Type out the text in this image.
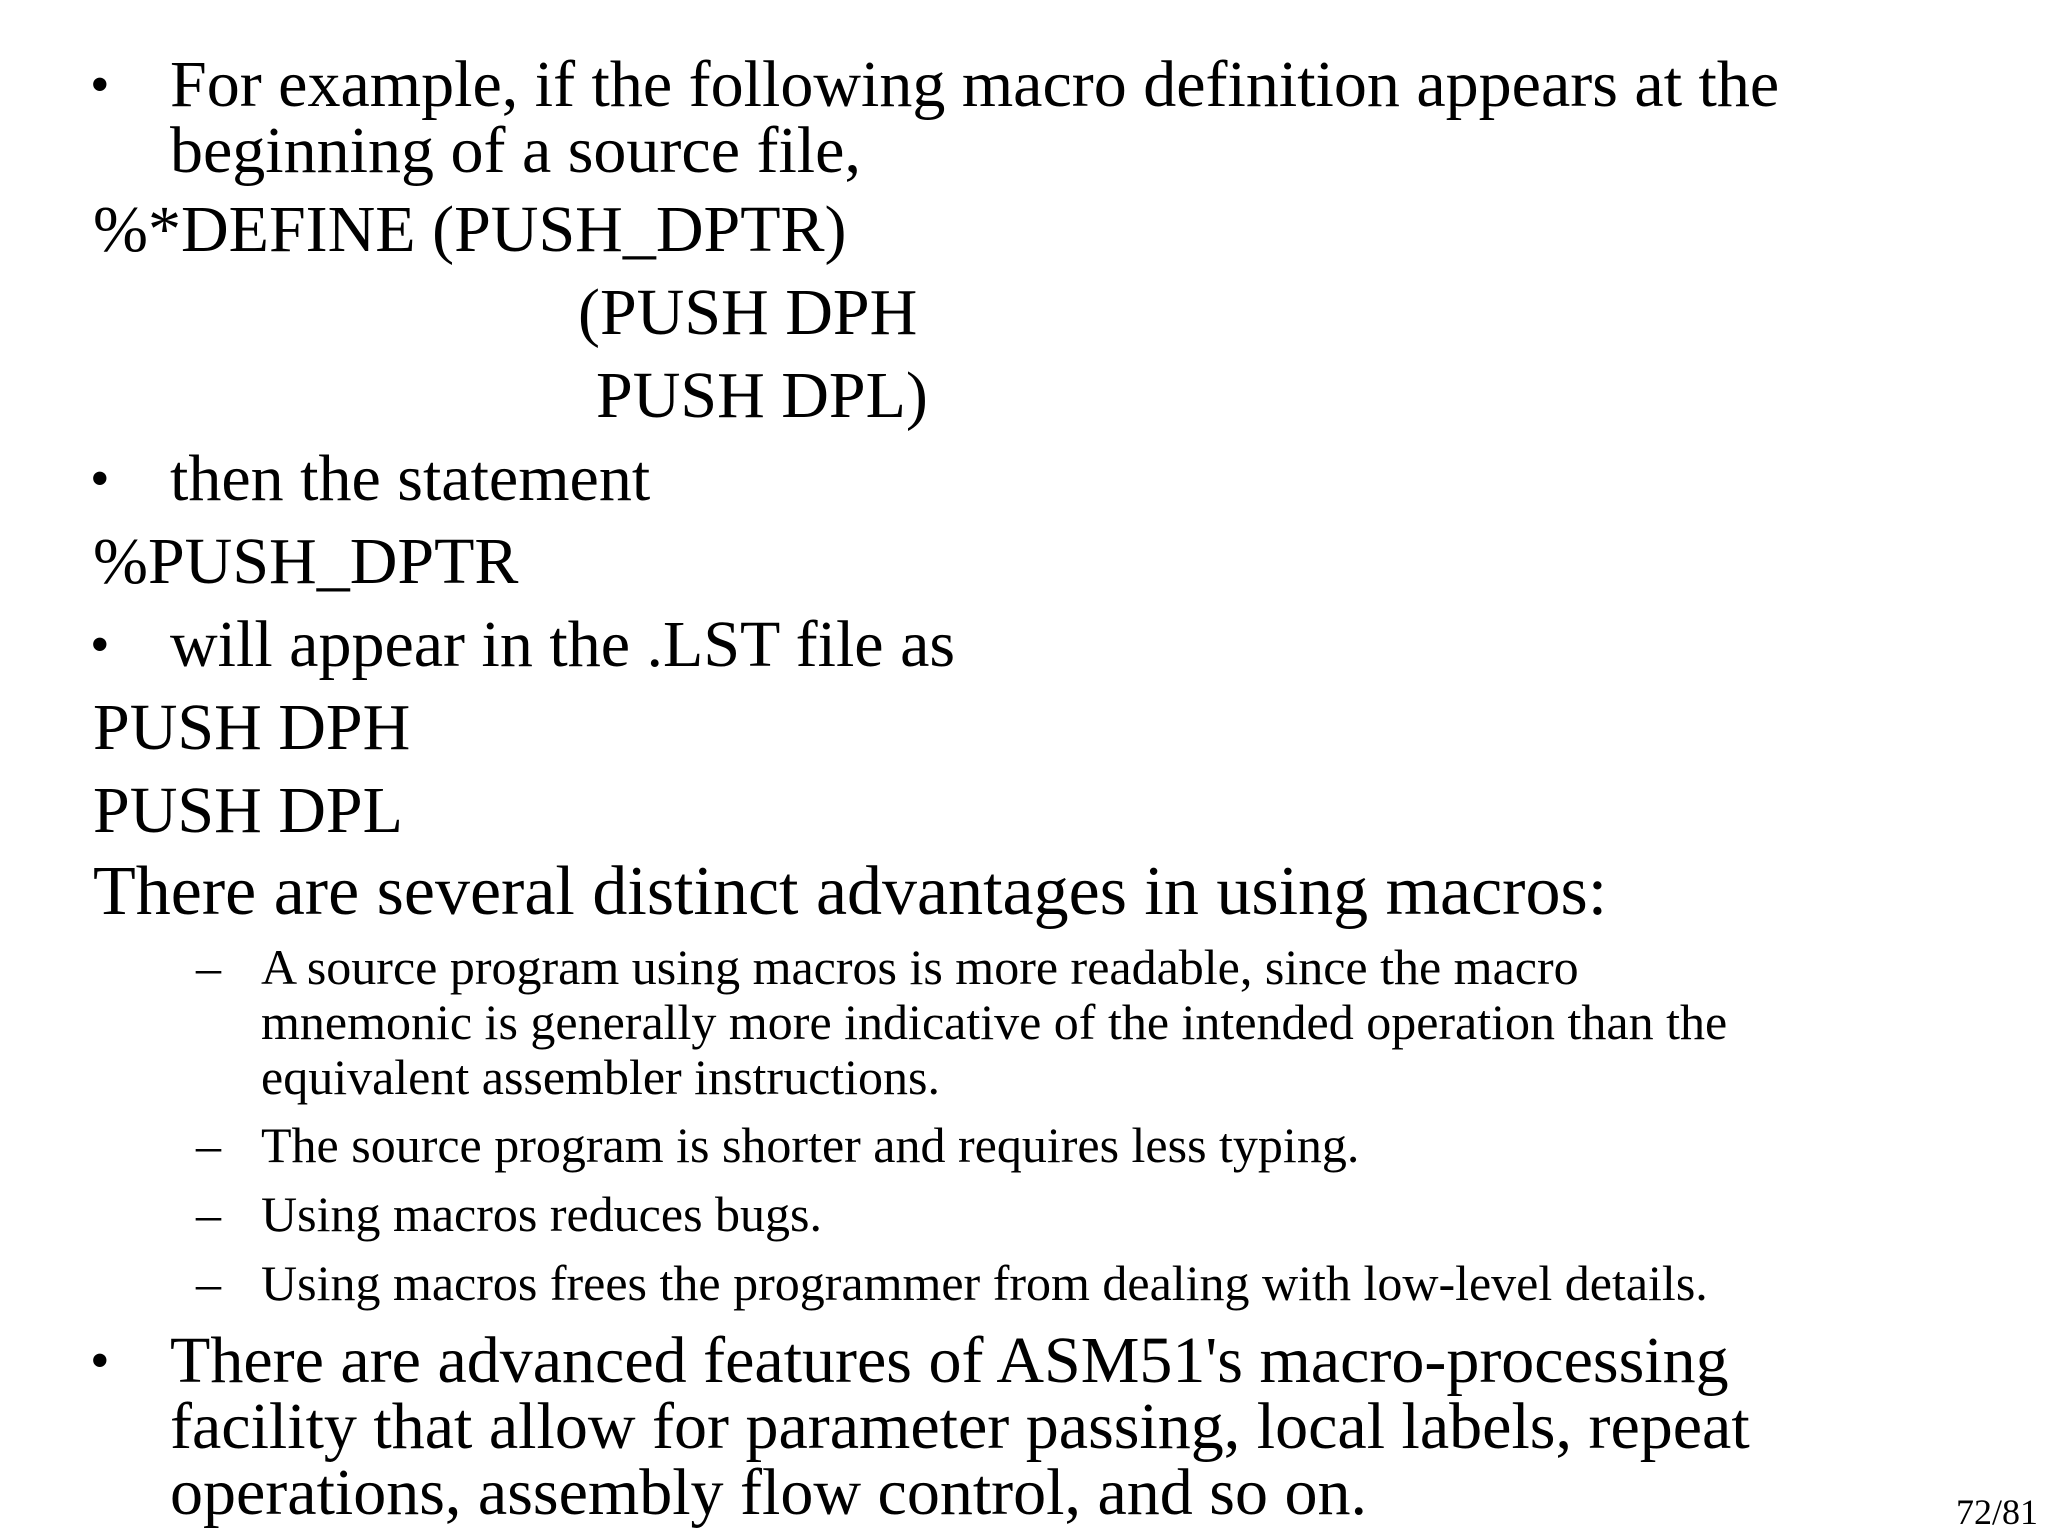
• For example, if the following macro definition appears at the
beginning of a source file,
%*DEFINE (PUSH_DPTR)
(PUSH DPH
PUSH DPL)
• then the statement
%PUSH_DPTR
• will appear in the .LST file as
PUSH DPH
PUSH DPL
There are several distinct advantages in using macros:
– A source program using macros is more readable, since the macro
mnemonic is generally more indicative of the intended operation than the
equivalent assembler instructions.
– The source program is shorter and requires less typing.
– Using macros reduces bugs.
– Using macros frees the programmer from dealing with low-level details.
• There are advanced features of ASM51's macro-processing
facility that allow for parameter passing, local labels, repeat
operations, assembly flow control, and so on.	72/81
